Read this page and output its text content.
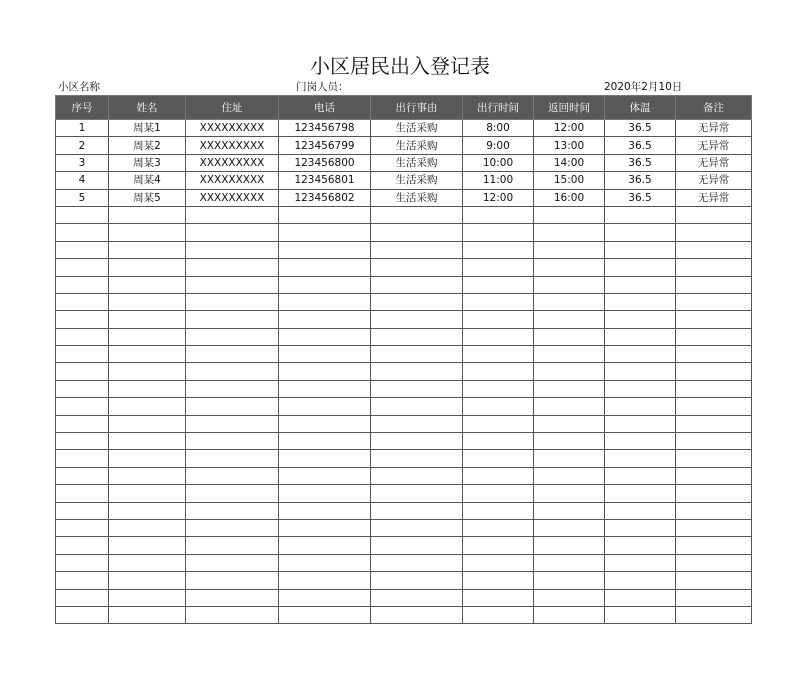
小区居民出入登记表
小区名称	门岗人员：	2020年2月10日
序号	姓名	住址	电话	出行事由	出行时间	返回时间	体温	备注
1	周某1	XXXXXXXXX	123456798	生活采购	8:00	12:00	36.5	无异常
2	周某2	XXXXXXXXX	123456799	生活采购	9:00	13:00	36.5	无异常
3	周某3	XXXXXXXXX	123456800	生活采购	10:00	14:00	36.5	无异常
4	周某4	XXXXXXXXX	123456801	生活采购	11:00	15:00	36.5	无异常
5	周某5	XXXXXXXXX	123456802	生活采购	12:00	16:00	36.5	无异常
